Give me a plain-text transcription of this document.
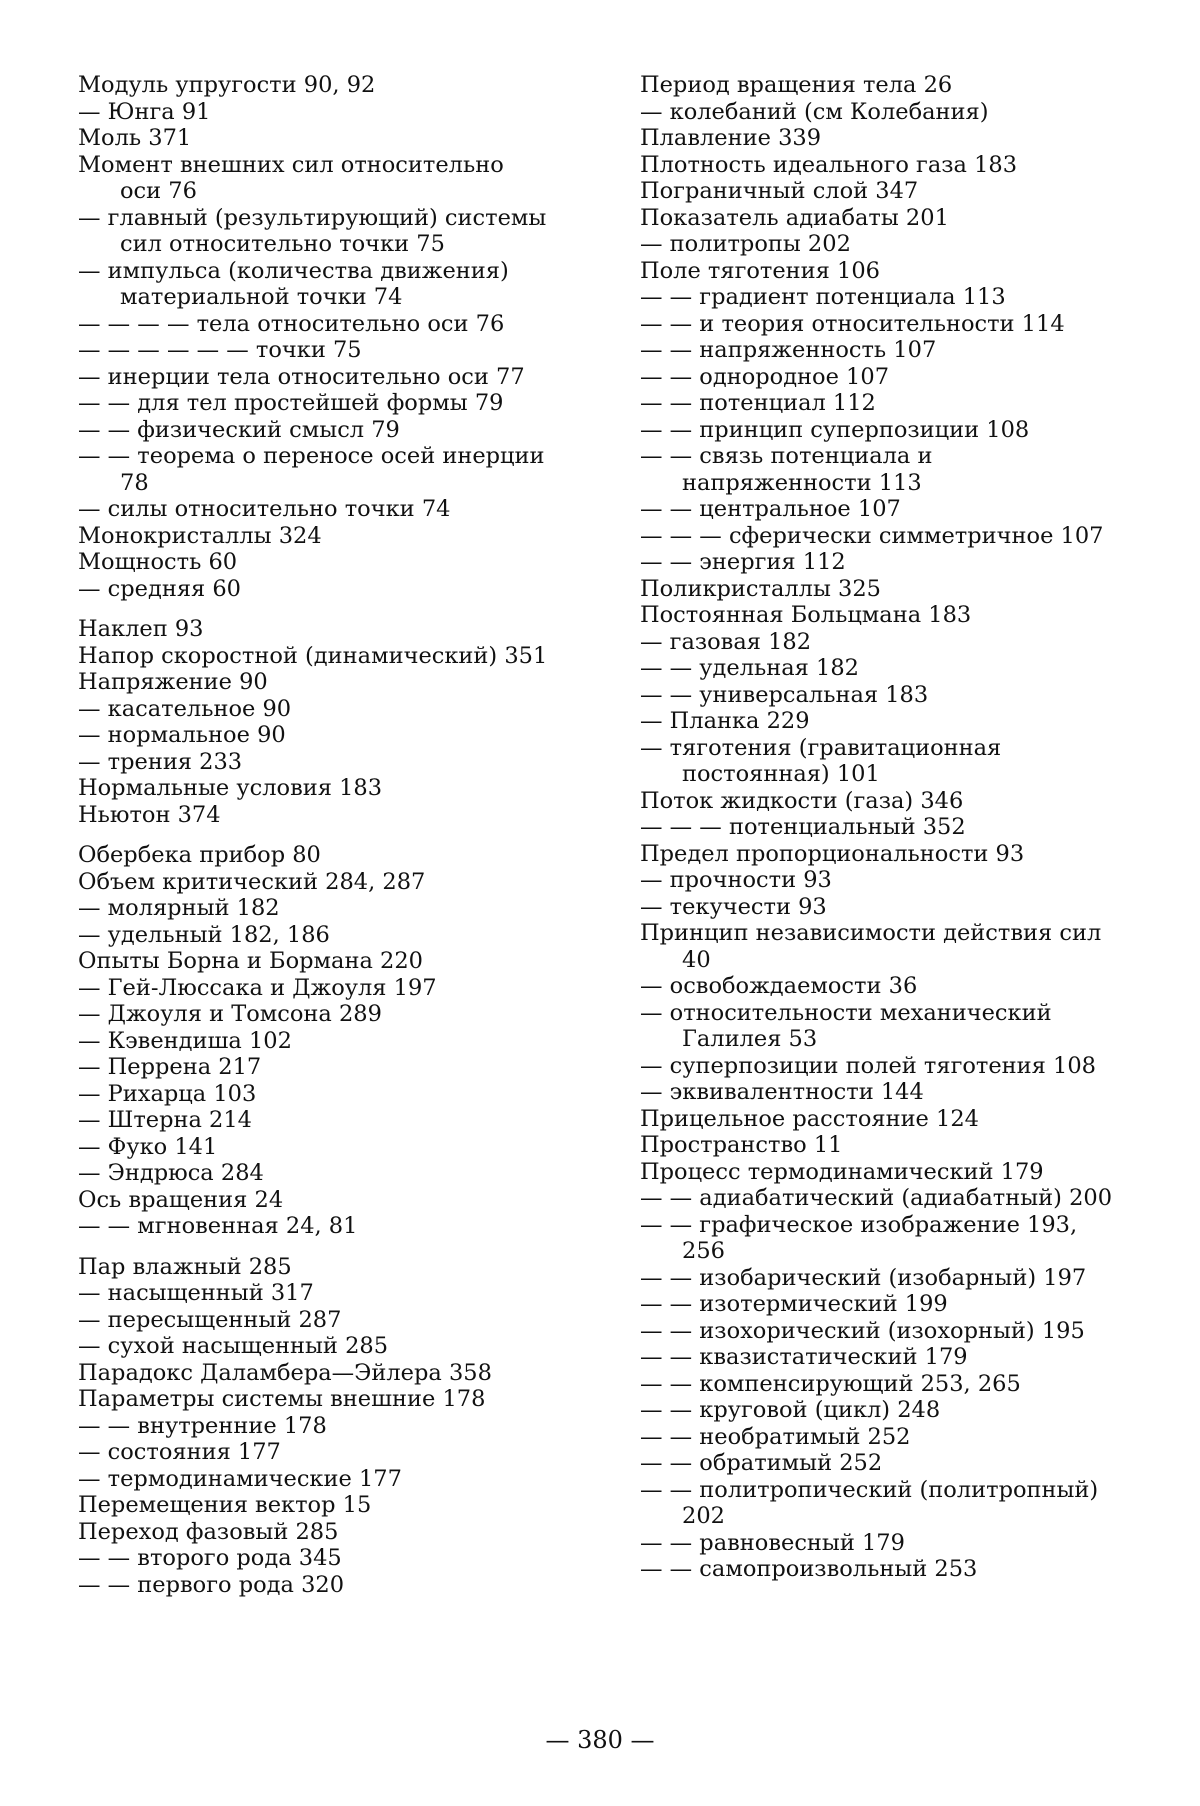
Модуль упругости 90, 92

— Юнга 91

Моль 371

Момент внешних сил относительно оси 76

— главный (результирующий) системы сил относительно точки 75

— импульса (количества движения) материальной точки 74

— — — — тела относительно оси 76

— — — — — — точки 75

— инерции тела относительно оси 77

— — для тел простейшей формы 79

— — физический смысл 79

— — теорема о переносе осей инерции 78

— силы относительно точки 74

Монокристаллы 324

Мощность 60

— средняя 60

Наклеп 93

Напор скоростной (динамический) 351

Напряжение 90

— касательное 90

— нормальное 90

— трения 233

Нормальные условия 183

Ньютон 374

Обербека прибор 80

Объем критический 284, 287

— молярный 182

— удельный 182, 186

Опыты Борна и Бормана 220

— Гей-Люссака и Джоуля 197

— Джоуля и Томсона 289

— Кэвендиша 102

— Перрена 217

— Рихарца 103

— Штерна 214

— Фуко 141

— Эндрюса 284

Ось вращения 24

— — мгновенная 24, 81

Пар влажный 285

— насыщенный 317

— пересыщенный 287

— сухой насыщенный 285

Парадокс Даламбера—Эйлера 358

Параметры системы внешние 178

— — внутренние 178

— состояния 177

— термодинамические 177

Перемещения вектор 15

Переход фазовый 285

— — второго рода 345

— — первого рода 320

Период вращения тела 26

— колебаний (см Колебания)

Плавление 339

Плотность идеального газа 183

Пограничный слой 347

Показатель адиабаты 201

— политропы 202

Поле тяготения 106

— — градиент потенциала 113

— — и теория относительности 114

— — напряженность 107

— — однородное 107

— — потенциал 112

— — принцип суперпозиции 108

— — связь потенциала и напряженности 113

— — центральное 107

— — — сферически симметричное 107

— — энергия 112

Поликристаллы 325

Постоянная Больцмана 183

— газовая 182

— — удельная 182

— — универсальная 183

— Планка 229

— тяготения (гравитационная постоянная) 101

Поток жидкости (газа) 346

— — — потенциальный 352

Предел пропорциональности 93

— прочности 93

— текучести 93

Принцип независимости действия сил 40

— освобождаемости 36

— относительности механический Галилея 53

— суперпозиции полей тяготения 108

— эквивалентности 144

Прицельное расстояние 124

Пространство 11

Процесс термодинамический 179

— — адиабатический (адиабатный) 200

— — графическое изображение 193, 256

— — изобарический (изобарный) 197

— — изотермический 199

— — изохорический (изохорный) 195

— — квазистатический 179

— — компенсирующий 253, 265

— — круговой (цикл) 248

— — необратимый 252

— — обратимый 252

— — политропический (политропный) 202

— — равновесный 179

— — самопроизвольный 253

— 380 —
